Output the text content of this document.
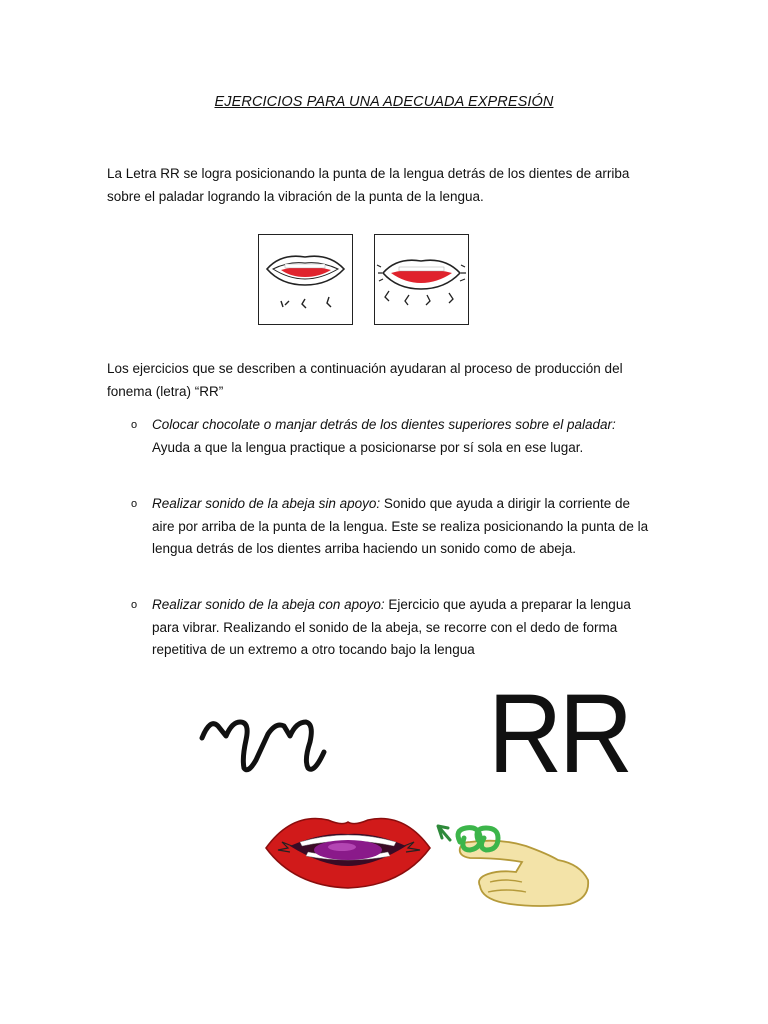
EJERCICIOS PARA UNA ADECUADA EXPRESIÓN
La Letra RR se logra posicionando la punta de la lengua detrás de los dientes de arriba
sobre el paladar logrando la vibración de la punta de la lengua.
Los ejercicios que se describen a continuación ayudaran al proceso de producción del
fonema (letra) “RR”
o Colocar chocolate o manjar detrás de los dientes superiores sobre el paladar:
Ayuda a que la lengua practique a posicionarse por sí sola en ese lugar.
o Realizar sonido de la abeja sin apoyo: Sonido que ayuda a dirigir la corriente de
aire por arriba de la punta de la lengua. Este se realiza posicionando la punta de la
lengua detrás de los dientes arriba haciendo un sonido como de abeja.
o Realizar sonido de la abeja con apoyo: Ejercicio que ayuda a preparar la lengua
para vibrar. Realizando el sonido de la abeja, se recorre con el dedo de forma
repetitiva de un extremo a otro tocando bajo la lengua
RR
